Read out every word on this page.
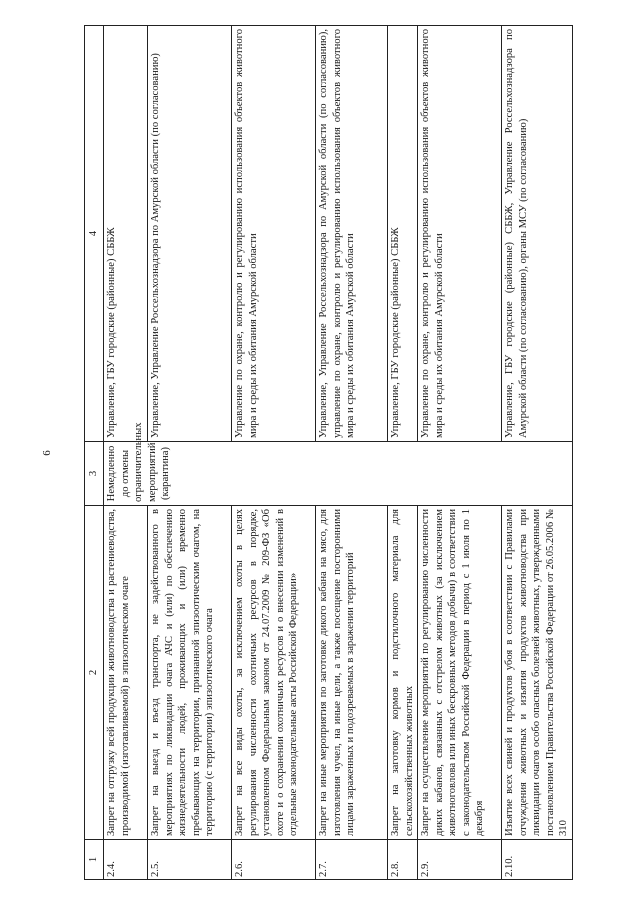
6
1	2	3	4
2.4.	Запрет на отгрузку всей продукции животноводства и растениеводства, производимой (изготавливаемой) в эпизоотическом очаге	Немедленно до отмены ограничительных мероприятий (карантина)	Управление, ГБУ городские (районные) СББЖ

2.5.	Запрет на выезд и въезд транспорта, не задействованного в мероприятиях по ликвидации очага АЧС и (или) по обеспечению жизнедеятельности людей, проживающих и (или) временно пребывающих на территории, признанной эпизоотическим очагом, на территорию (с территории) эпизоотического очага		Управление, Управление Россельхознадзора по Амурской области (по согласованию)

2.6.	Запрет на все виды охоты, за исключением охоты в целях регулирования численности охотничьих ресурсов в порядке, установленном Федеральным законом от 24.07.2009 № 209-ФЗ «Об охоте и о сохранении охотничьих ресурсов и о внесении изменений в отдельные законодательные акты Российской Федерации»		Управление по охране, контролю и регулированию использования объектов животного мира и среды их обитания Амурской области

2.7.	Запрет на иные мероприятия по заготовке дикого кабана на мясо, для изготовления чучел, на иные цели, а также посещение посторонними лицами зараженных и подозреваемых в заражении территорий		Управление, Управление Россельхознадзора по Амурской области (по согласованию), управление по охране, контролю и регулированию использования объектов животного мира и среды их обитания Амурской области

2.8.	Запрет на заготовку кормов и подстилочного материала для сельскохозяйственных животных		Управление, ГБУ городские (районные) СББЖ

2.9.	Запрет на осуществление мероприятий по регулированию численности диких кабанов, связанных с отстрелом животных (за исключением животноговлова или иных бескровных методов добычи) в соответствии с законодательством Российской Федерации в период с 1 июля по 1 декабря		Управление по охране, контролю и регулированию использования объектов животного мира и среды их обитания Амурской области

2.10.	Изъятие всех свиней и продуктов убоя в соответствии с Правилами отчуждения животных и изъятия продуктов животноводства при ликвидации очагов особо опасных болезней животных, утвержденными постановлением Правительства Российской Федерации от 26.05.2006 № 310		Управление, ГБУ городские (районные) СББЖ, Управление Россельхознадзора по Амурской области (по согласованию), органы МСУ (по согласованию)
